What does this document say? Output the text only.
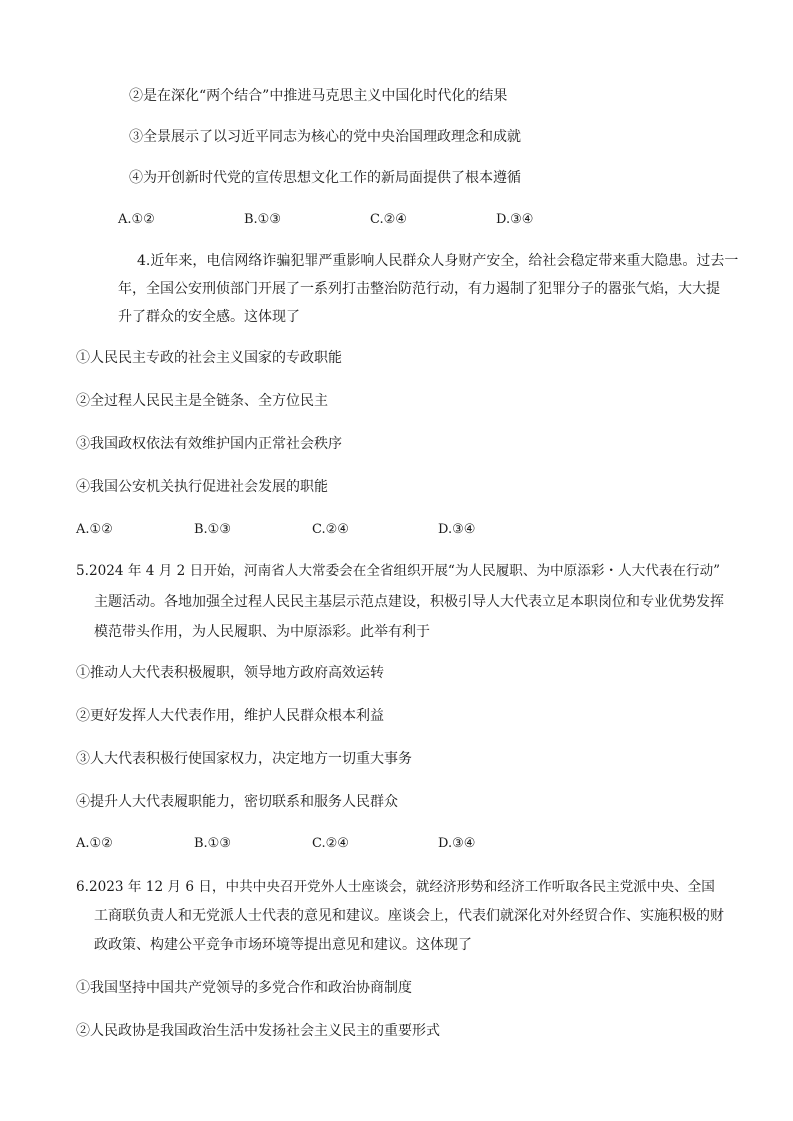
②是在深化“两个结合”中推进马克思主义中国化时代化的结果
③全景展示了以习近平同志为核心的党中央治国理政理念和成就
④为开创新时代党的宣传思想文化工作的新局面提供了根本遵循
A.①②	B.①③	C.②④	D.③④
4.近年来，电信网络诈骗犯罪严重影响人民群众人身财产安全，给社会稳定带来重大隐患。过去一
年，全国公安刑侦部门开展了一系列打击整治防范行动，有力遏制了犯罪分子的嚣张气焰，大大提
升了群众的安全感。这体现了
①人民民主专政的社会主义国家的专政职能
②全过程人民民主是全链条、全方位民主
③我国政权依法有效维护国内正常社会秩序
④我国公安机关执行促进社会发展的职能
A.①②	B.①③	C.②④	D.③④
5.2024 年 4 月 2 日开始，河南省人大常委会在全省组织开展“为人民履职、为中原添彩・人大代表在行动”
主题活动。各地加强全过程人民民主基层示范点建设，积极引导人大代表立足本职岗位和专业优势发挥
模范带头作用，为人民履职、为中原添彩。此举有利于
①推动人大代表积极履职，领导地方政府高效运转
②更好发挥人大代表作用，维护人民群众根本利益
③人大代表积极行使国家权力，决定地方一切重大事务
④提升人大代表履职能力，密切联系和服务人民群众
A.①②	B.①③	C.②④	D.③④
6.2023 年 12 月 6 日，中共中央召开党外人士座谈会，就经济形势和经济工作听取各民主党派中央、全国
工商联负责人和无党派人士代表的意见和建议。座谈会上，代表们就深化对外经贸合作、实施积极的财
政政策、构建公平竞争市场环境等提出意见和建议。这体现了
①我国坚持中国共产党领导的多党合作和政治协商制度
②人民政协是我国政治生活中发扬社会主义民主的重要形式
